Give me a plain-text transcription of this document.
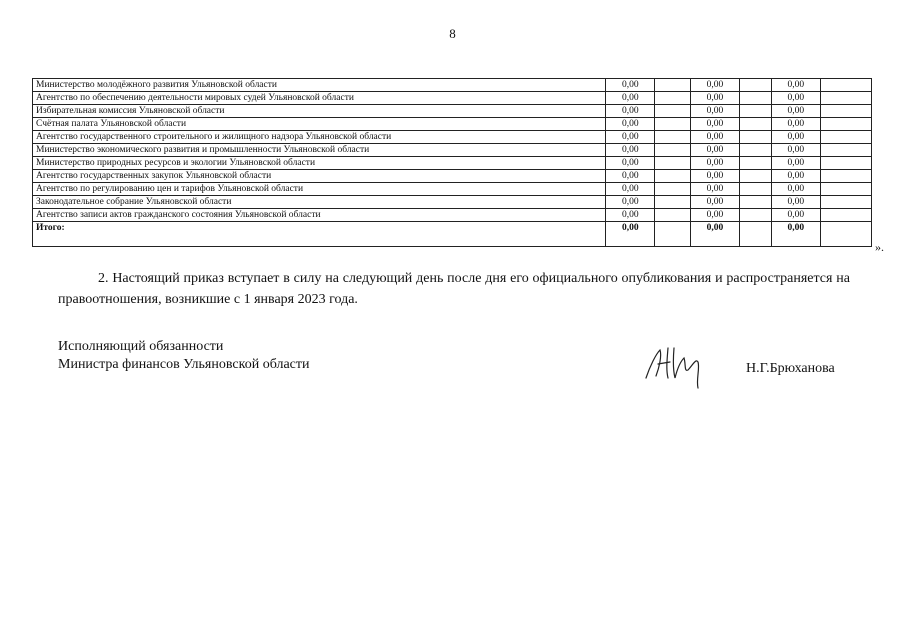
8
Министерство молодёжного развития Ульяновской области	0,00		0,00		0,00	
Агентство по обеспечению деятельности мировых судей Ульяновской области	0,00		0,00		0,00	
Избирательная комиссия Ульяновской области	0,00		0,00		0,00	
Счётная палата Ульяновской области	0,00		0,00		0,00	
Агентство государственного строительного и жилищного надзора Ульяновской области	0,00		0,00		0,00	
Министерство экономического развития и промышленности Ульяновской области	0,00		0,00		0,00	
Министерство природных ресурсов и экологии Ульяновской области	0,00		0,00		0,00	
Агентство государственных закупок Ульяновской области	0,00		0,00		0,00	
Агентство по регулированию цен и тарифов Ульяновской области	0,00		0,00		0,00	
Законодательное собрание Ульяновской области	0,00		0,00		0,00	
Агентство записи актов гражданского состояния Ульяновской области	0,00		0,00		0,00	
Итого:	0,00		0,00		0,00	
».
2. Настоящий приказ вступает в силу на следующий день после дня его официального опубликования и распространяется на правоотношения, возникшие с 1 января 2023 года.
Исполняющий обязанности
Министра финансов Ульяновской области	Н.Г.Брюханова
